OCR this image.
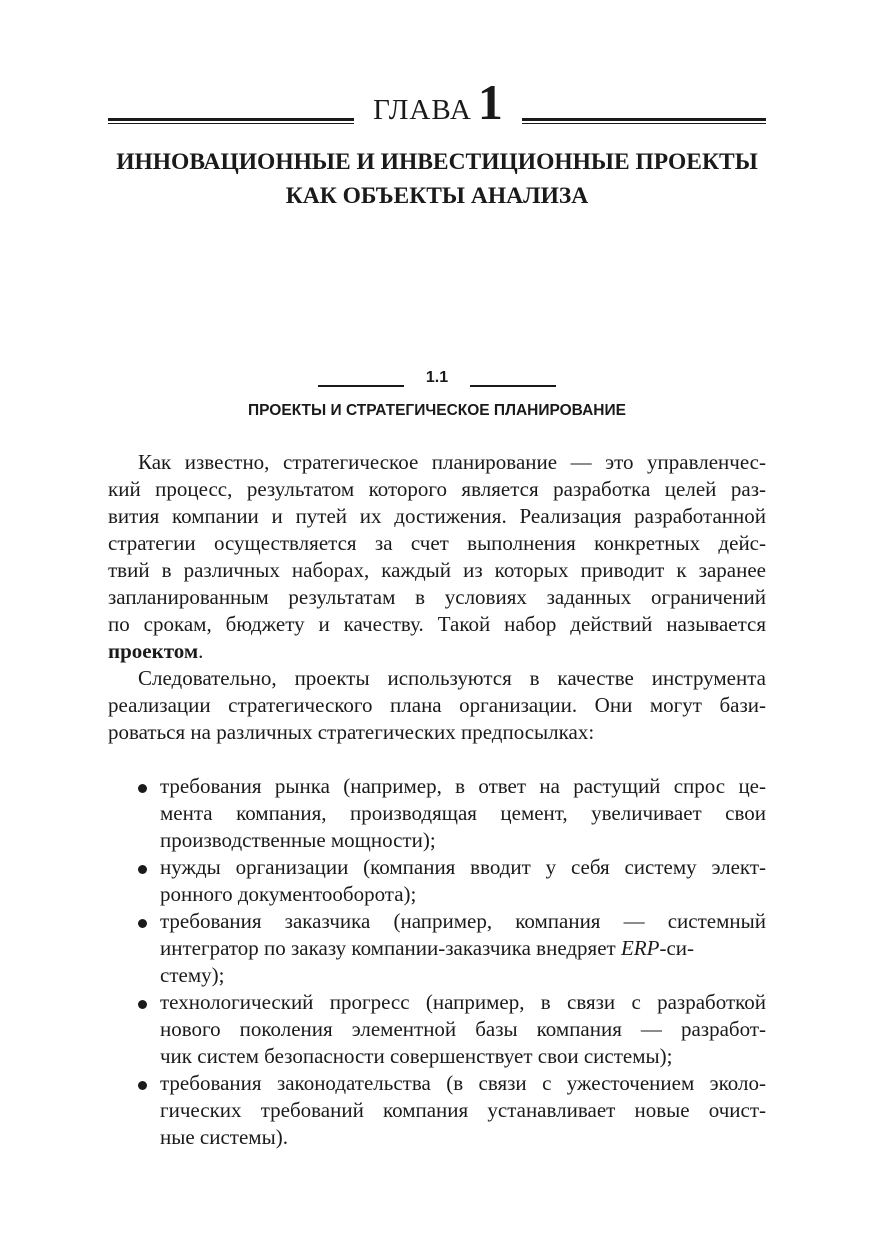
ГЛАВА 1
ИННОВАЦИОННЫЕ И ИНВЕСТИЦИОННЫЕ ПРОЕКТЫ
КАК ОБЪЕКТЫ АНАЛИЗА
1.1
ПРОЕКТЫ И СТРАТЕГИЧЕСКОЕ ПЛАНИРОВАНИЕ
Как известно, стратегическое планирование — это управленчес-
кий процесс, результатом которого является разработка целей раз-
вития компании и путей их достижения. Реализация разработанной
стратегии осуществляется за счет выполнения конкретных дейс-
твий в различных наборах, каждый из которых приводит к заранее
запланированным результатам в условиях заданных ограничений
по срокам, бюджету и качеству. Такой набор действий называется
проектом.
Следовательно, проекты используются в качестве инструмента
реализации стратегического плана организации. Они могут бази-
роваться на различных стратегических предпосылках:
требования рынка (например, в ответ на растущий спрос це-
мента компания, производящая цемент, увеличивает свои
производственные мощности);
нужды организации (компания вводит у себя систему элект-
ронного документооборота);
требования заказчика (например, компания — системный
интегратор по заказу компании-заказчика внедряет ERP-си-
стему);
технологический прогресс (например, в связи с разработкой
нового поколения элементной базы компания — разработ-
чик систем безопасности совершенствует свои системы);
требования законодательства (в связи с ужесточением эколо-
гических требований компания устанавливает новые очист-
ные системы).
